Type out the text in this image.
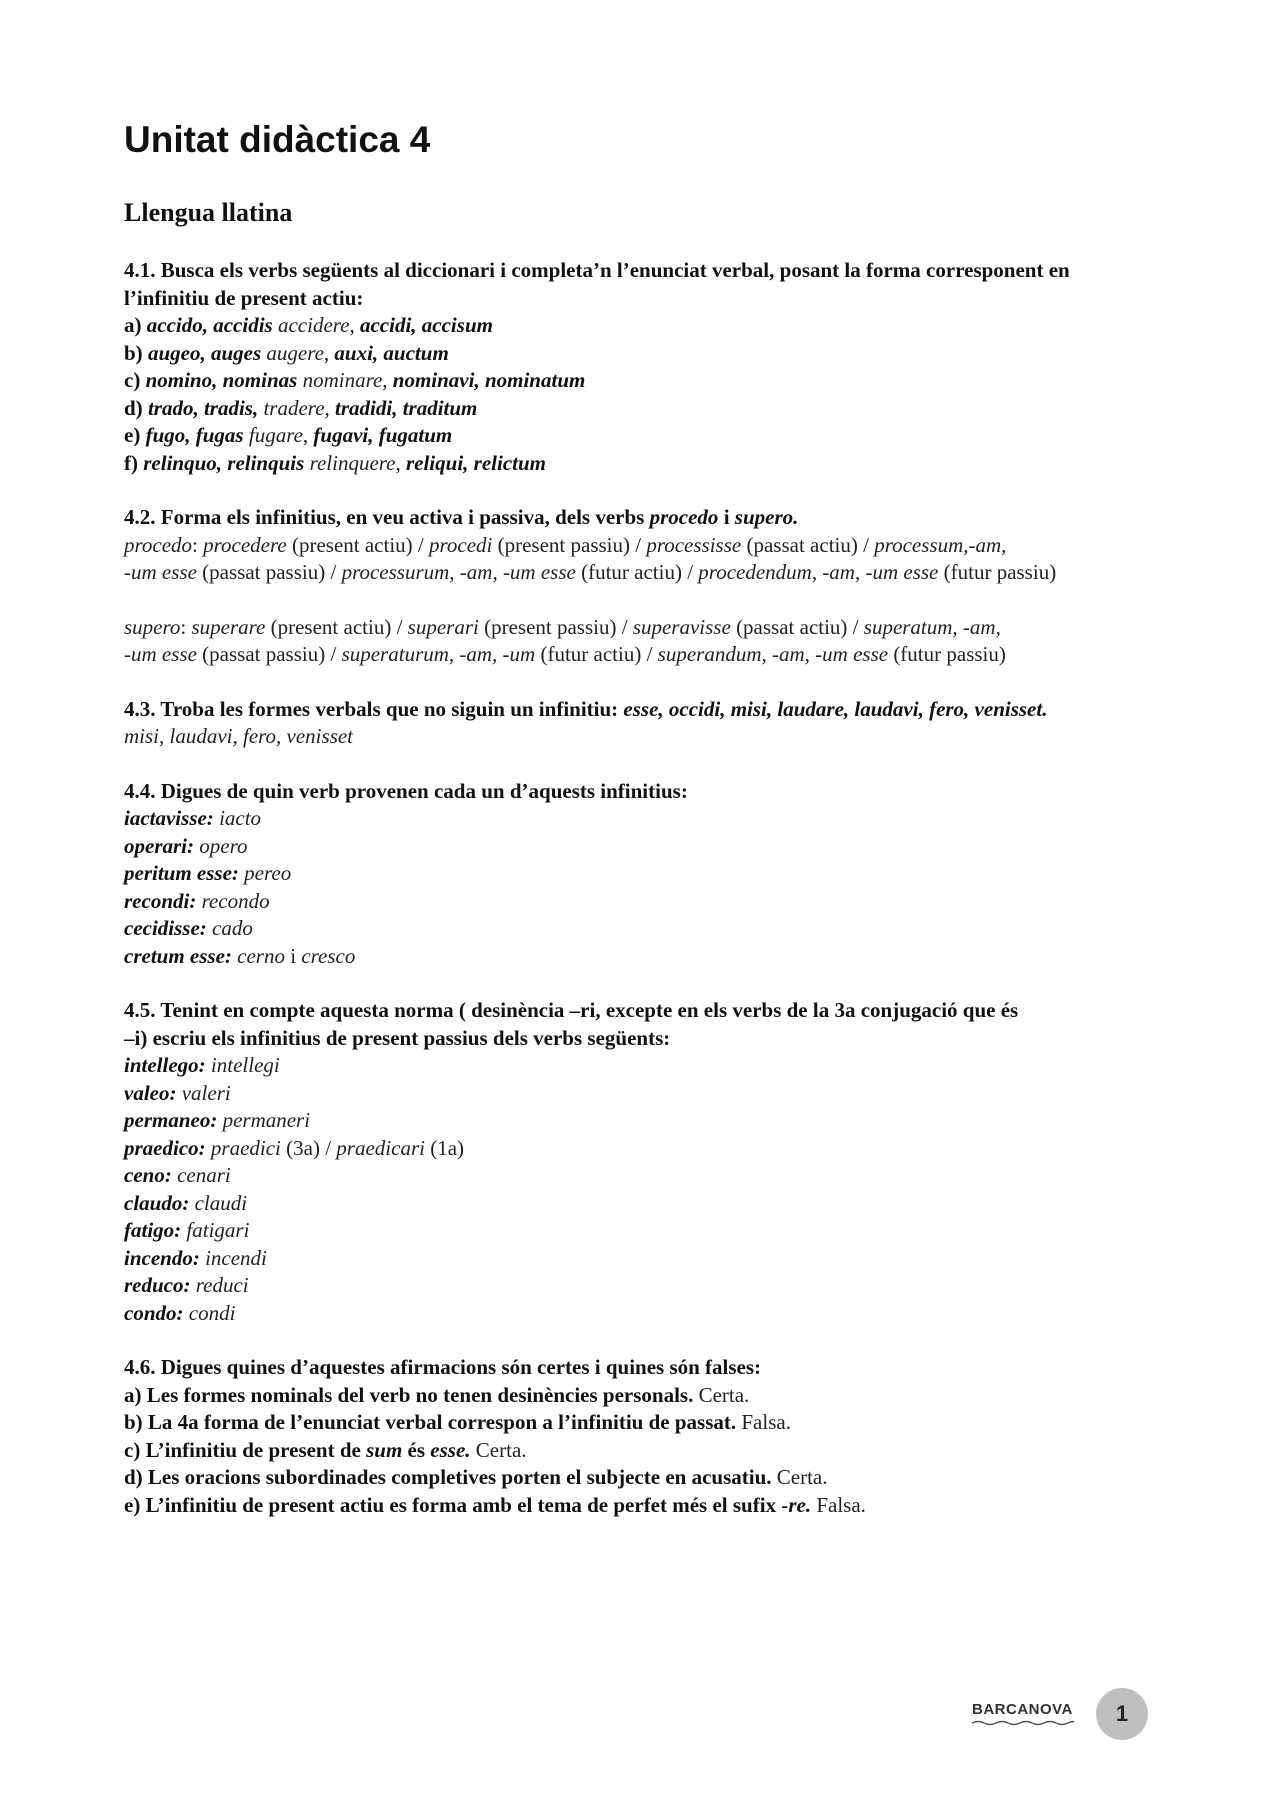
Unitat didàctica 4
Llengua llatina
4.1. Busca els verbs següents al diccionari i completa’n l’enunciat verbal, posant la forma corresponent en
l’infinitiu de present actiu:
a) accido, accidis accidere, accidi, accisum
b) augeo, auges augere, auxi, auctum
c) nomino, nominas nominare, nominavi, nominatum
d) trado, tradis, tradere, tradidi, traditum
e) fugo, fugas fugare, fugavi, fugatum
f) relinquo, relinquis relinquere, reliqui, relictum
4.2. Forma els infinitius, en veu activa i passiva, dels verbs procedo i supero.
procedo: procedere (present actiu) / procedi (present passiu) / processisse (passat actiu) / processum,-am,
-um esse (passat passiu) / processurum, -am, -um esse (futur actiu) / procedendum, -am, -um esse (futur passiu)
supero: superare (present actiu) / superari (present passiu) / superavisse (passat actiu) / superatum, -am,
-um esse (passat passiu) / superaturum, -am, -um (futur actiu) / superandum, -am, -um esse (futur passiu)
4.3. Troba les formes verbals que no siguin un infinitiu: esse, occidi, misi, laudare, laudavi, fero, venisset.
misi, laudavi, fero, venisset
4.4. Digues de quin verb provenen cada un d’aquests infinitius:
iactavisse: iacto
operari: opero
peritum esse: pereo
recondi: recondo
cecidisse: cado
cretum esse: cerno i cresco
4.5. Tenint en compte aquesta norma ( desinència –ri, excepte en els verbs de la 3a conjugació que és
–i) escriu els infinitius de present passius dels verbs següents:
intellego: intellegi
valeo: valeri
permaneo: permaneri
praedico: praedici (3a) / praedicari (1a)
ceno: cenari
claudo: claudi
fatigo: fatigari
incendo: incendi
reduco: reduci
condo: condi
4.6. Digues quines d’aquestes afirmacions són certes i quines són falses:
a) Les formes nominals del verb no tenen desinències personals. Certa.
b) La 4a forma de l’enunciat verbal correspon a l’infinitiu de passat. Falsa.
c) L’infinitiu de present de sum és esse. Certa.
d) Les oracions subordinades completives porten el subjecte en acusatiu. Certa.
e) L’infinitiu de present actiu es forma amb el tema de perfet més el sufix -re. Falsa.
BARCANOVA	1
